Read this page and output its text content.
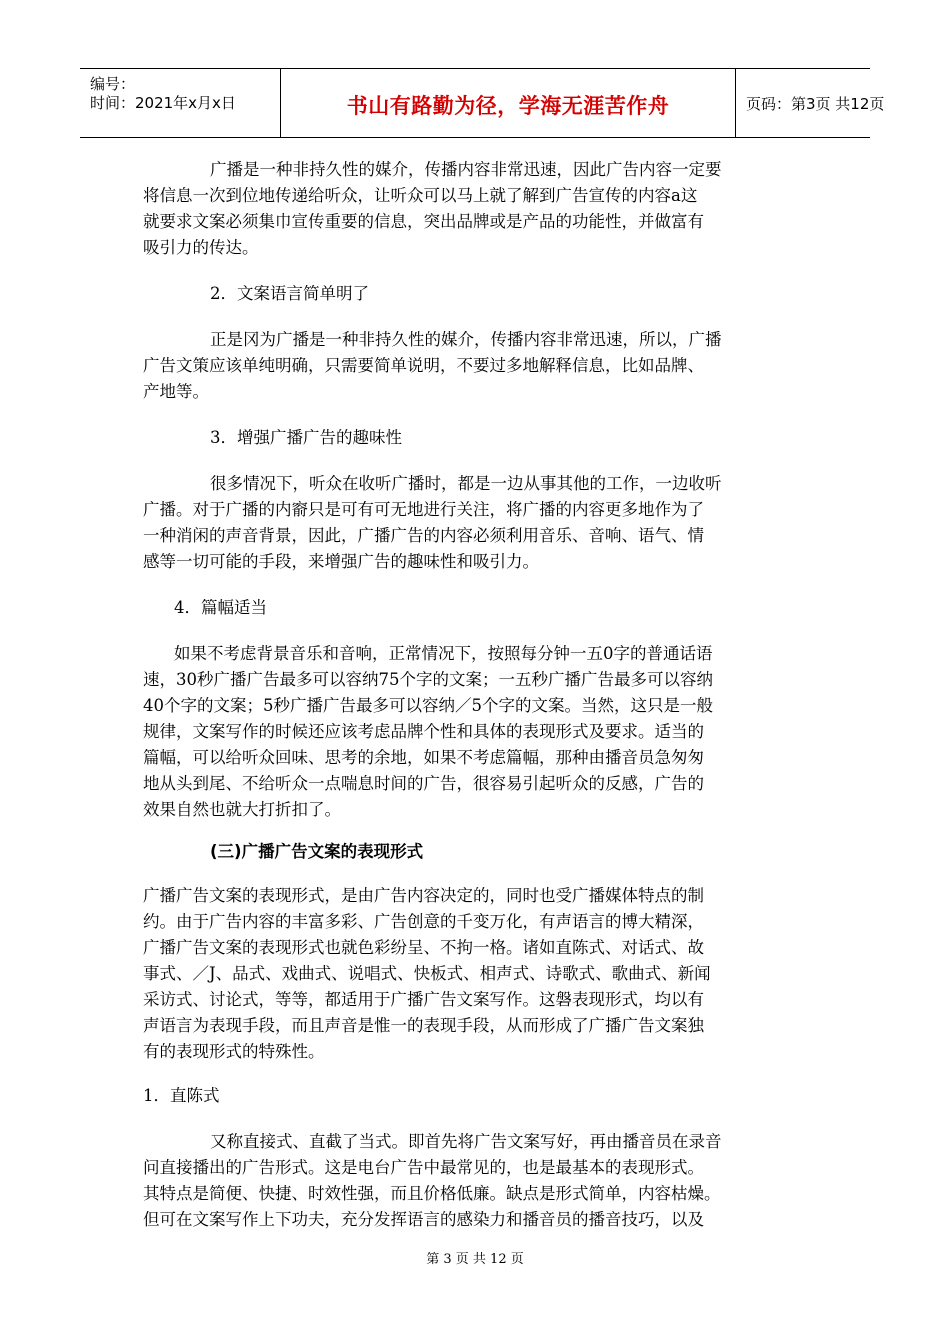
编号：
时间：2021年x月x日	书山有路勤为径，学海无涯苦作舟	页码：第3页 共12页
广播是一种非持久性的媒介，传播内容非常迅速，因此广告内容一定要
将信息一次到位地传递给听众，让听众可以马上就了解到广告宣传的内容a这
就要求文案必须集巾宣传重要的信息，突出品牌或是产品的功能性，并做富有
吸引力的传达。
2．文案语言简单明了
正是冈为广播是一种非持久性的媒介，传播内容非常迅速，所以，广播
广告文策应该单纯明确，只需要简单说明，不要过多地解释信息，比如品牌、
产地等。
3．增强广播广告的趣味性
很多情况下，听众在收听广播时，都是一边从事其他的工作，一边收听
广播。对于广播的内窬只是可有可无地进行关注，将广播的内容更多地作为了
一种消闲的声音背景，因此，广播广告的内容必须利用音乐、音响、语气、情
感等一切可能的手段，来增强广告的趣味性和吸引力。
4．篇幅适当
如果不考虑背景音乐和音响，正常情况下，按照每分钟一五0字的普通话语
速，30秒广播广告最多可以容纳75个字的文案；一五秒广播广告最多可以容纳
40个字的文案；5秒广播广告最多可以容纳／5个字的文案。当然，这只是一般
规律，文案写作的时候还应该考虑品牌个性和具体的表现形式及要求。适当的
篇幅，可以给听众回味、思考的余地，如果不考虑篇幅，那种由播音员急匆匆
地从头到尾、不给听众一点喘息时间的广告，很容易引起听众的反感，广告的
效果自然也就大打折扣了。
(三)广播广告文案的表现形式
广播广告文案的表现形式，是由广告内容决定的，同时也受广播媒体特点的制
约。由于广告内容的丰富多彩、广告创意的千变万化，有声语言的博大精深，
广播广告文案的表现形式也就色彩纷呈、不拘一格。诸如直陈式、对话式、故
事式、／J、品式、戏曲式、说唱式、快板式、相声式、诗歌式、歌曲式、新闻
采访式、讨论式，等等，都适用于广播广告文案写作。这磐表现形式，均以有
声语言为表现手段，而且声音是惟一的表现手段，从而形成了广播广告文案独
有的表现形式的特殊性。
1．直陈式
又称直接式、直截了当式。即首先将广告文案写好，再由播音员在录音
问直接播出的广告形式。这是电台广告中最常见的，也是最基本的表现形式。
其特点是简便、快捷、时效性强，而且价格低廉。缺点是形式简单，内容枯燥。
但可在文案写作上下功夫，充分发挥语言的感染力和播音员的播音技巧，以及
第 3 页 共 12 页
